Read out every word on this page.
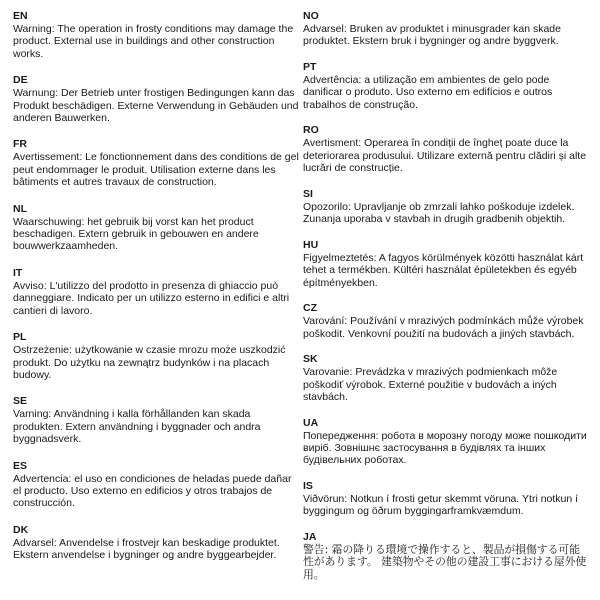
EN
Warning: The operation in frosty conditions may damage the product. External use in buildings and other construction works.
DE
Warnung: Der Betrieb unter frostigen Bedingungen kann das Produkt beschädigen. Externe Verwendung in Gebäuden und anderen Bauwerken.
FR
Avertissement: Le fonctionnement dans des conditions de gel peut endommager le produit. Utilisation externe dans les bâtiments et autres travaux de construction.
NL
Waarschuwing: het gebruik bij vorst kan het product beschadigen. Extern gebruik in gebouwen en andere bouwwerkzaamheden.
IT
Avviso: L'utilizzo del prodotto in presenza di ghiaccio può danneggiare. Indicato per un utilizzo esterno in edifici e altri cantieri di lavoro.
PL
Ostrzeżenie: użytkowanie w czasie mrozu może uszkodzić produkt. Do użytku na zewnątrz budynków i na placach budowy.
SE
Varning: Användning i kalla förhållanden kan skada produkten. Extern användning i byggnader och andra byggnadsverk.
ES
Advertencia: el uso en condiciones de heladas puede dañar el producto. Uso externo en edificios y otros trabajos de construcción.
DK
Advarsel: Anvendelse i frostvejr kan beskadige produktet. Ekstern anvendelse i bygninger og andre byggearbejder.
NO
Advarsel: Bruken av produktet i minusgrader kan skade produktet. Ekstern bruk i bygninger og andre byggverk.
PT
Advertência: a utilização em ambientes de gelo pode danificar o produto. Uso externo em edifícios e outros trabalhos de construção.
RO
Avertisment: Operarea în condiții de îngheț poate duce la deteriorarea produsului. Utilizare externă pentru clădiri și alte lucrări de construcție.
SI
Opozorilo: Upravljanje ob zmrzali lahko poškoduje izdelek. Zunanja uporaba v stavbah in drugih gradbenih objektih.
HU
Figyelmeztetés: A fagyos körülmények közötti használat kárt tehet a termékben. Kültéri használat épületekben és egyéb építményekben.
CZ
Varování: Používání v mrazivých podmínkách může výrobek poškodit. Venkovní použití na budovách a jiných stavbách.
SK
Varovanie: Prevádzka v mrazivých podmienkach môže poškodiť výrobok. Externé použitie v budovách a iných stavbách.
UA
Попередження: робота в морозну погоду може пошкодити виріб. Зовнішнє застосування в будівлях та інших будівельних роботах.
IS
Viðvörun: Notkun í frosti getur skemmt vöruna. Ytri notkun í byggingum og öðrum byggingarframkvæmdum.
JA
警告: 霜の降りる環境で操作すると、製品が損傷する可能性があります。 建築物やその他の建設工事における屋外使用。
